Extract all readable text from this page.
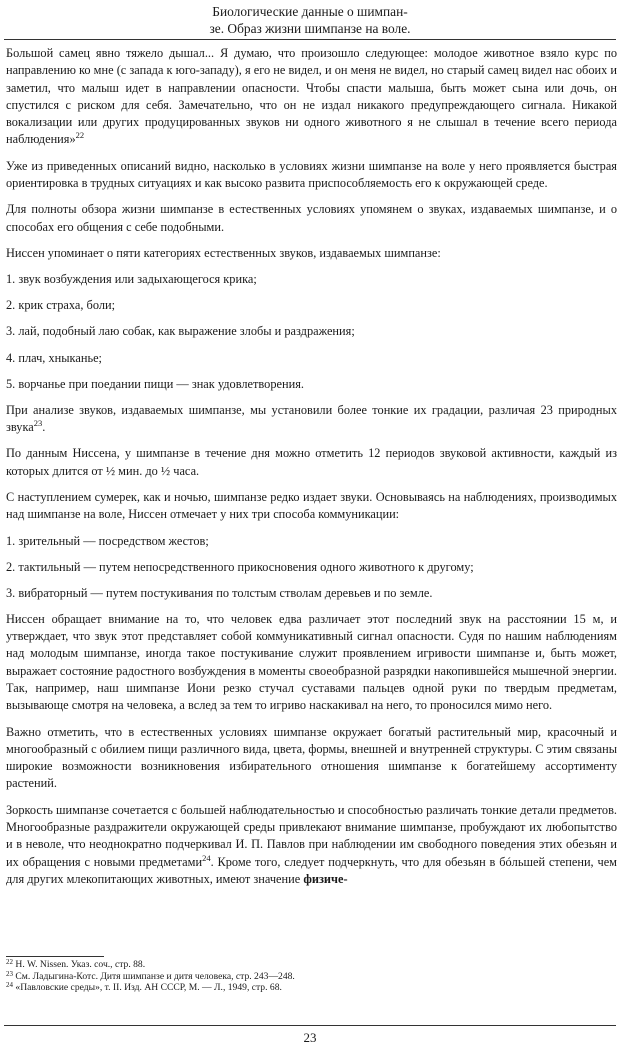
Биологические данные о шимпан-
зе. Образ жизни шимпанзе на воле.

Большой самец явно тяжело дышал... Я думаю, что произошло следующее: молодое животное взяло курс по направлению ко мне (с запада к юго-западу), я его не видел, и он меня не видел, но старый самец видел нас обоих и заметил, что малыш идет в направлении опасности. Чтобы спасти малыша, быть может сына или дочь, он спустился с риском для себя. Замечательно, что он не издал никакого предупреждающего сигнала. Никакой вокализации или других продуцированных звуков ни одного животного я не слышал в течение всего периода наблюдения»$^{22}$

Уже из приведенных описаний видно, насколько в условиях жизни шимпанзе на воле у него проявляется быстрая ориентировка в трудных ситуациях и как высоко развита приспособляемость его к окружающей среде.

Для полноты обзора жизни шимпанзе в естественных условиях упомянем о звуках, издаваемых шимпанзе, и о способах его общения с себе подобными.

Ниссен упоминает о пяти категориях естественных звуков, издаваемых шимпанзе:

1. звук возбуждения или задыхающегося крика;

2. крик страха, боли;

3. лай, подобный лаю собак, как выражение злобы и раздражения;

4. плач, хныканье;

5. ворчанье при поедании пищи — знак удовлетворения.

При анализе звуков, издаваемых шимпанзе, мы установили более тонкие их градации, различая 23 природных звука$^{23}$.

По данным Ниссена, у шимпанзе в течение дня можно отметить 12 периодов звуковой активности, каждый из которых длится от ½ мин. до ½ часа.

С наступлением сумерек, как и ночью, шимпанзе редко издает звуки. Основываясь на наблюдениях, производимых над шимпанзе на воле, Ниссен отмечает у них три способа коммуникации:

1. зрительный — посредством жестов;

2. тактильный — путем непосредственного прикосновения одного животного к другому;

3. вибраторный — путем постукивания по толстым стволам деревьев и по земле.

Ниссен обращает внимание на то, что человек едва различает этот последний звук на расстоянии 15 м, и утверждает, что звук этот представляет собой коммуникативный сигнал опасности. Судя по нашим наблюдениям над молодым шимпанзе, иногда такое постукивание служит проявлением игривости шимпанзе и, быть может, выражает состояние радостного возбуждения в моменты своеобразной разрядки накопившейся мышечной энергии. Так, например, наш шимпанзе Иони резко стучал суставами пальцев одной руки по твердым предметам, вызывающе смотря на человека, а вслед за тем то игриво наскакивал на него, то проносился мимо него.

Важно отметить, что в естественных условиях шимпанзе окружает богатый растительный мир, красочный и многообразный с обилием пищи различного вида, цвета, формы, внешней и внутренней структуры. С этим связаны широкие возможности возникновения избирательного отношения шимпанзе к богатейшему ассортименту растений.

Зоркость шимпанзе сочетается с большей наблюдательностью и способностью различать тонкие детали предметов. Многообразные раздражители окружающей среды привлекают внимание шимпанзе, пробуждают их любопытство и в неволе, что неоднократно подчеркивал И. П. Павлов при наблюдении им свободного поведения этих обезьян и их обращения с новыми предметами$^{24}$. Кроме того, следует подчеркнуть, что для обезьян в бóльшей степени, чем для других млекопитающих животных, имеют значение физиче-

$^{22}$ H. W. Nissen. Указ. соч., стр. 88.
$^{23}$ См. Ладыгина-Котс. Дитя шимпанзе и дитя человека, стр. 243—248.
$^{24}$ «Павловские среды», т. II. Изд. АН СССР, М. — Л., 1949, стр. 68.
23
